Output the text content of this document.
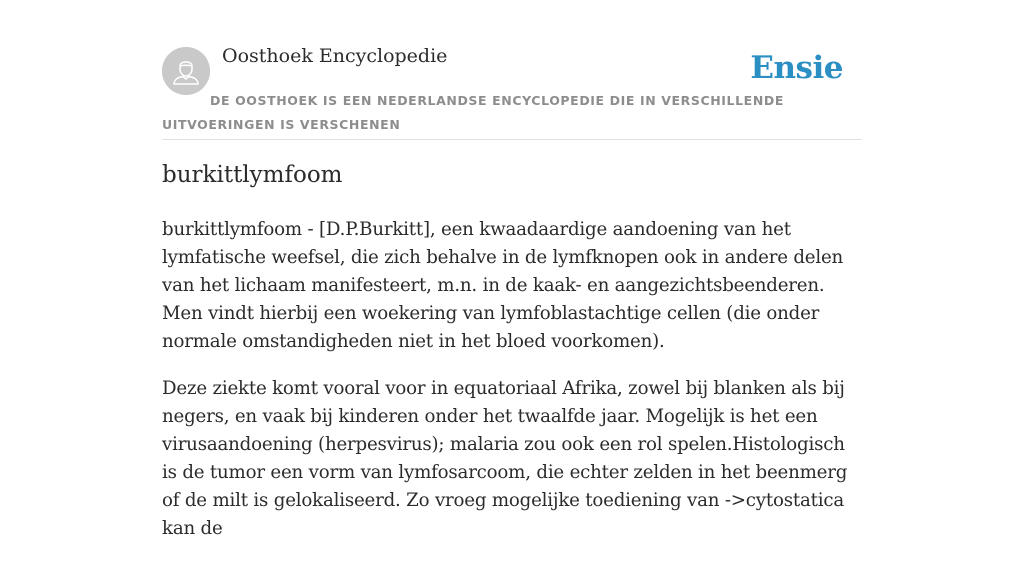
Oosthoek Encyclopedie	Ensie
DE OOSTHOEK IS EEN NEDERLANDSE ENCYCLOPEDIE DIE IN VERSCHILLENDE UITVOERINGEN IS VERSCHENEN
burkittlymfoom

burkittlymfoom - [D.P.Burkitt], een kwaadaardige aandoening van het lymfatische weefsel, die zich behalve in de lymfknopen ook in andere delen van het lichaam manifesteert, m.n. in de kaak- en aangezichtsbeenderen. Men vindt hierbij een woekering van lymfoblastachtige cellen (die onder normale omstandigheden niet in het bloed voorkomen).

Deze ziekte komt vooral voor in equatoriaal Afrika, zowel bij blanken als bij negers, en vaak bij kinderen onder het twaalfde jaar. Mogelijk is het een virusaandoening (herpesvirus); malaria zou ook een rol spelen.Histologisch is de tumor een vorm van lymfosarcoom, die echter zelden in het beenmerg of de milt is gelokaliseerd. Zo vroeg mogelijke toediening van ->cytostatica kan de
